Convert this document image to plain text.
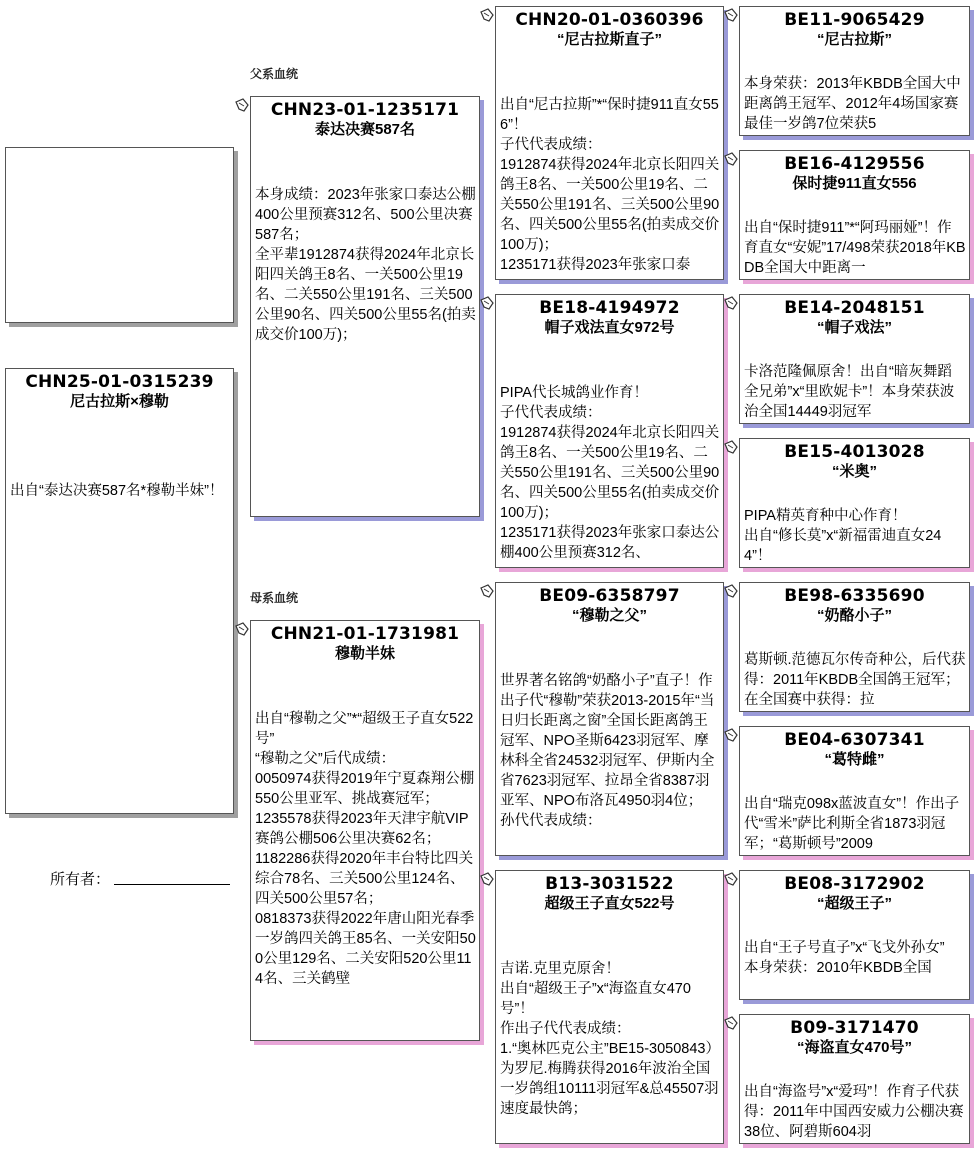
父系血统
母系血统
CHN25-01-0315239
尼古拉斯×穆勒
出自“泰达决赛587名*穆勒半妹”！
所有者：
CHN23-01-1235171
泰达决赛587名
本身成绩：2023年张家口泰达公棚400公里预赛312名、500公里决赛587名；
全平辈1912874获得2024年北京长阳四关鸽王8名、一关500公里19名、二关550公里191名、三关500公里90名、四关500公里55名(拍卖成交价100万)；
CHN21-01-1731981
穆勒半妹
出自“穆勒之父”*“超级王子直女522号”
“穆勒之父”后代成绩：
0050974获得2019年宁夏森翔公棚550公里亚军、挑战赛冠军；
1235578获得2023年天津宇航VIP赛鸽公棚506公里决赛62名；
1182286获得2020年丰台特比四关综合78名、三关500公里124名、四关500公里57名；
0818373获得2022年唐山阳光春季一岁鸽四关鸽王85名、一关安阳500公里129名、二关安阳520公里114名、三关鹤壁
CHN20-01-0360396
“尼古拉斯直子”
出自“尼古拉斯”*“保时捷911直女556”！
子代代表成绩：
1912874获得2024年北京长阳四关鸽王8名、一关500公里19名、二关550公里191名、三关500公里90名、四关500公里55名(拍卖成交价100万)；
1235171获得2023年张家口泰
BE18-4194972
帽子戏法直女972号
PIPA代长城鸽业作育！
子代代表成绩：
1912874获得2024年北京长阳四关鸽王8名、一关500公里19名、二关550公里191名、三关500公里90名、四关500公里55名(拍卖成交价100万)；
1235171获得2023年张家口泰达公棚400公里预赛312名、
BE09-6358797
“穆勒之父”
世界著名铭鸽“奶酪小子”直子！作出子代“穆勒”荣获2013-2015年“当日归长距离之窗”全国长距离鸽王冠军、NPO圣斯6423羽冠军、摩林科全省24532羽冠军、伊斯内全省7623羽冠军、拉昂全省8387羽亚军、NPO布洛瓦4950羽4位；
孙代代表成绩：
B13-3031522
超级王子直女522号
吉诺.克里克原舍！
出自“超级王子”x“海盗直女470号”！
作出子代代表成绩：
1.“奥林匹克公主”BE15-3050843）为罗尼.梅腾获得2016年波治全国一岁鸽组10111羽冠军&总45507羽速度最快鸽；
BE11-9065429
“尼古拉斯”
本身荣获：2013年KBDB全国大中距离鸽王冠军、2012年4场国家赛最佳一岁鸽7位荣获5
BE16-4129556
保时捷911直女556
出自“保时捷911”*“阿玛丽娅”！作育直女“安妮”17/498荣获2018年KBDB全国大中距离一
BE14-2048151
“帽子戏法”
卡洛范隆佩原舍！出自“暗灰舞蹈全兄弟”x“里欧妮卡”！本身荣获波治全国14449羽冠军
BE15-4013028
“米奥”
PIPA精英育种中心作育！
出自“修长莫”x“新福雷迪直女244”！
BE98-6335690
“奶酪小子”
葛斯顿.范德瓦尔传奇种公，后代获得：2011年KBDB全国鸽王冠军；在全国赛中获得：拉
BE04-6307341
“葛特雌”
出自“瑞克098x蓝波直女”！作出子代“雪米”萨比利斯全省1873羽冠军；“葛斯顿号”2009
BE08-3172902
“超级王子”
出自“王子号直子”x“飞戈外孙女”
本身荣获：2010年KBDB全国
B09-3171470
“海盗直女470号”
出自“海盗号”x“爱玛”！作育子代获得：2011年中国西安威力公棚决赛38位、阿碧斯604羽
